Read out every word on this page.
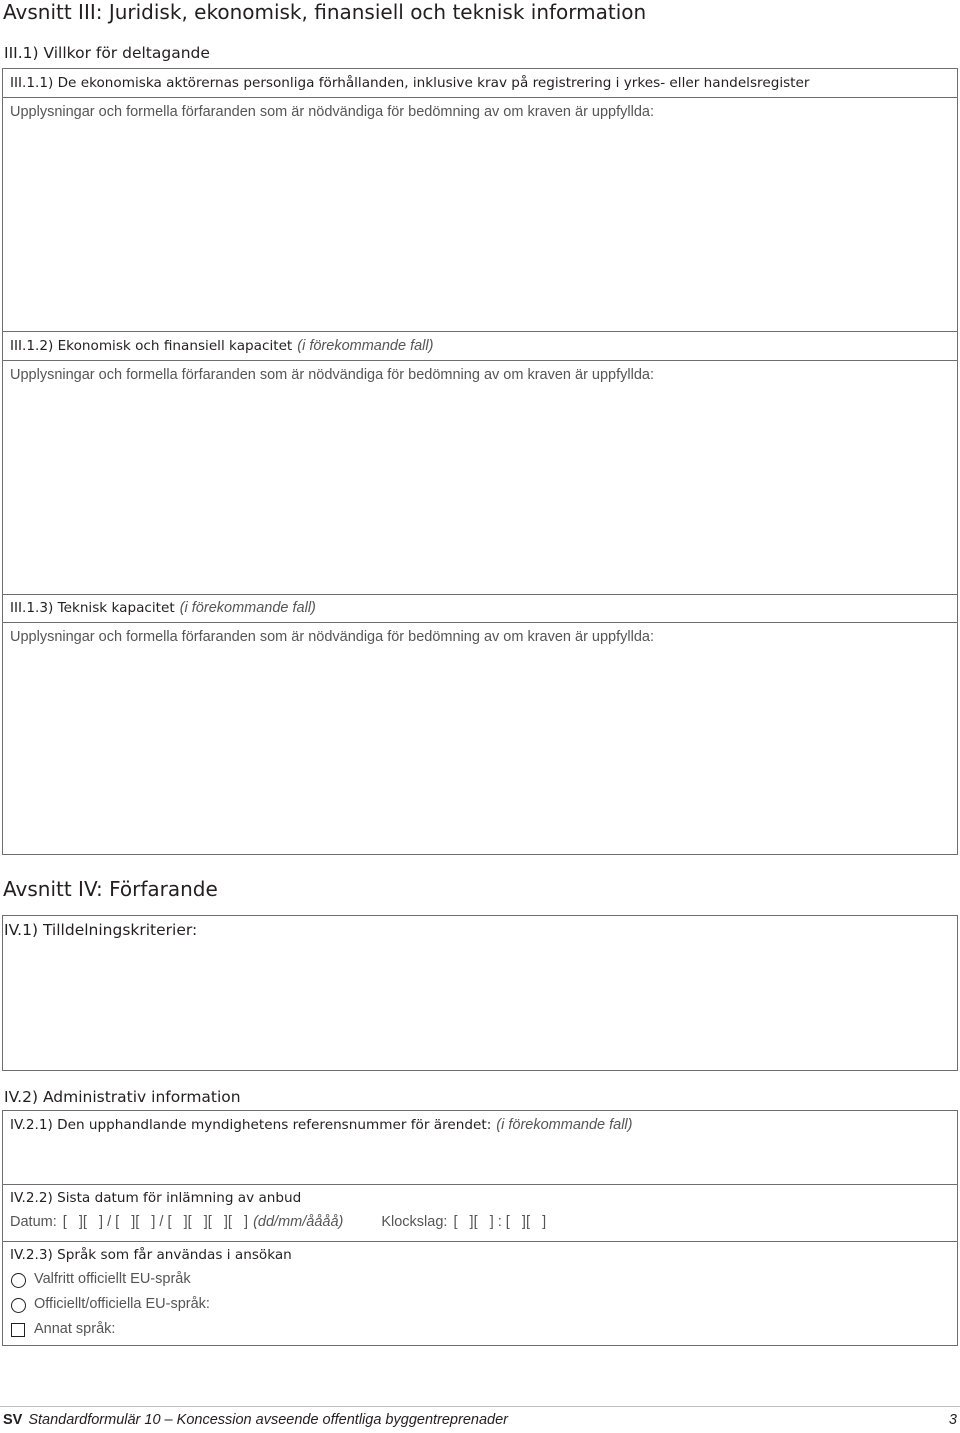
Avsnitt III: Juridisk, ekonomisk, finansiell och teknisk information
III.1) Villkor för deltagande
III.1.1) De ekonomiska aktörernas personliga förhållanden, inklusive krav på registrering i yrkes- eller handelsregister
Upplysningar och formella förfaranden som är nödvändiga för bedömning av om kraven är uppfyllda:
III.1.2) Ekonomisk och finansiell kapacitet (i förekommande fall)
Upplysningar och formella förfaranden som är nödvändiga för bedömning av om kraven är uppfyllda:
III.1.3) Teknisk kapacitet (i förekommande fall)
Upplysningar och formella förfaranden som är nödvändiga för bedömning av om kraven är uppfyllda:
Avsnitt IV: Förfarande
IV.1) Tilldelningskriterier:
IV.2) Administrativ information
IV.2.1) Den upphandlande myndighetens referensnummer för ärendet: (i förekommande fall)
IV.2.2) Sista datum för inlämning av anbud
Datum: [   ][   ] / [   ][   ] / [   ][   ][   ][   ] (dd/mm/åååå)	Klockslag: [   ][   ] : [   ][   ]
IV.2.3) Språk som får användas i ansökan
Valfritt officiellt EU-språk
Officiellt/officiella EU-språk:
Annat språk:
SV Standardformulär 10 – Koncession avseende offentliga byggentreprenader	3
